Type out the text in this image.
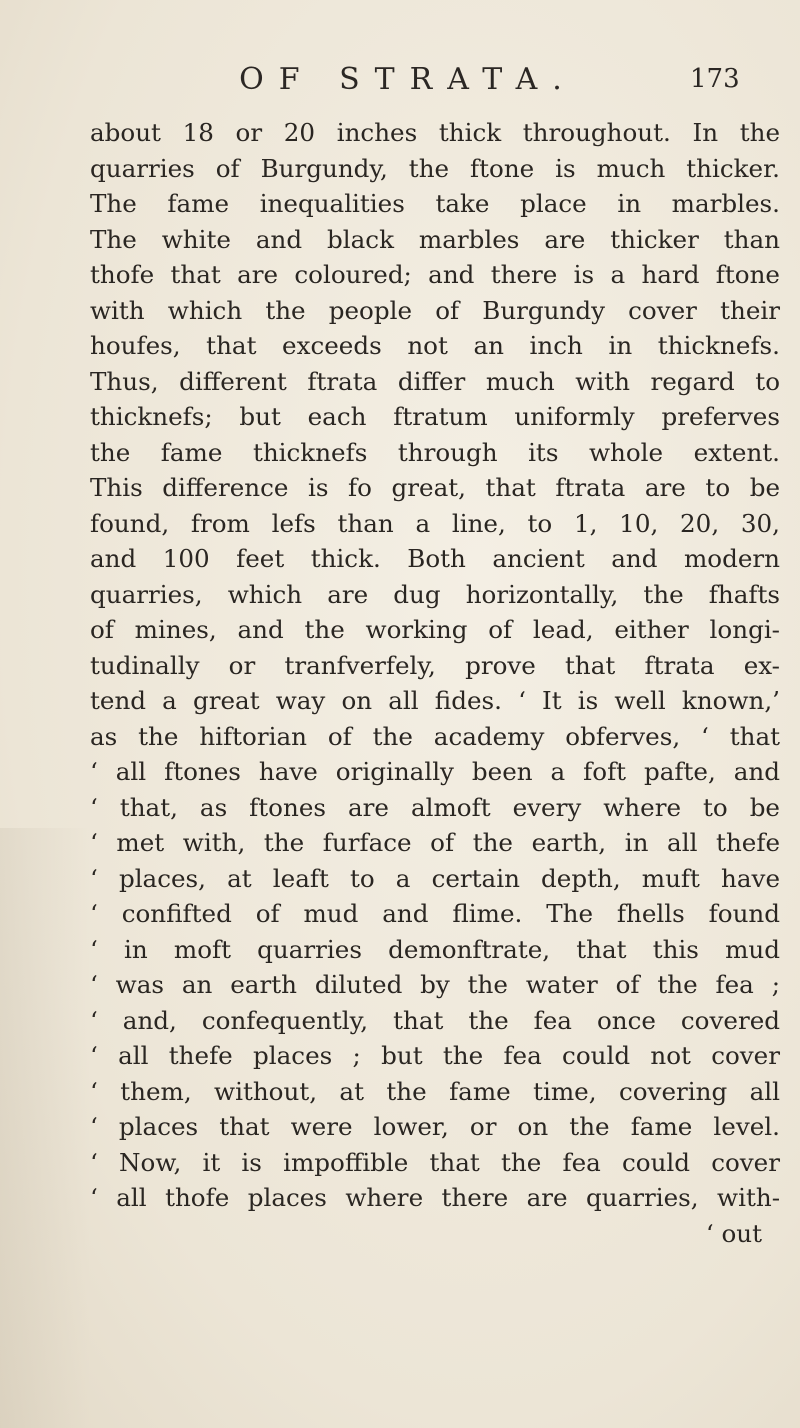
OF STRATA.	173
about 18 or 20 inches thick throughout. In the
quarries of Burgundy, the ftone is much thicker.
The fame inequalities take place in marbles.
The white and black marbles are thicker than
thofe that are coloured; and there is a hard ftone
with which the people of Burgundy cover their
houfes, that exceeds not an inch in thicknefs.
Thus, different ftrata differ much with regard to
thicknefs; but each ftratum uniformly preferves
the fame thicknefs through its whole extent.
This difference is fo great, that ftrata are to be
found, from lefs than a line, to 1, 10, 20, 30,
and 100 feet thick. Both ancient and modern
quarries, which are dug horizontally, the fhafts
of mines, and the working of lead, either longi-
tudinally or tranfverfely, prove that ftrata ex-
tend a great way on all fides. ‘ It is well known,’
as the hiftorian of the academy obferves, ‘ that
‘ all ftones have originally been a foft pafte, and
‘ that, as ftones are almoft every where to be
‘ met with, the furface of the earth, in all thefe
‘ places, at leaft to a certain depth, muft have
‘ confifted of mud and flime. The fhells found
‘ in moft quarries demonftrate, that this mud
‘ was an earth diluted by the water of the fea ;
‘ and, confequently, that the fea once covered
‘ all thefe places ; but the fea could not cover
‘ them, without, at the fame time, covering all
‘ places that were lower, or on the fame level.
‘ Now, it is impoffible that the fea could cover
‘ all thofe places where there are quarries, with-
‘ out
